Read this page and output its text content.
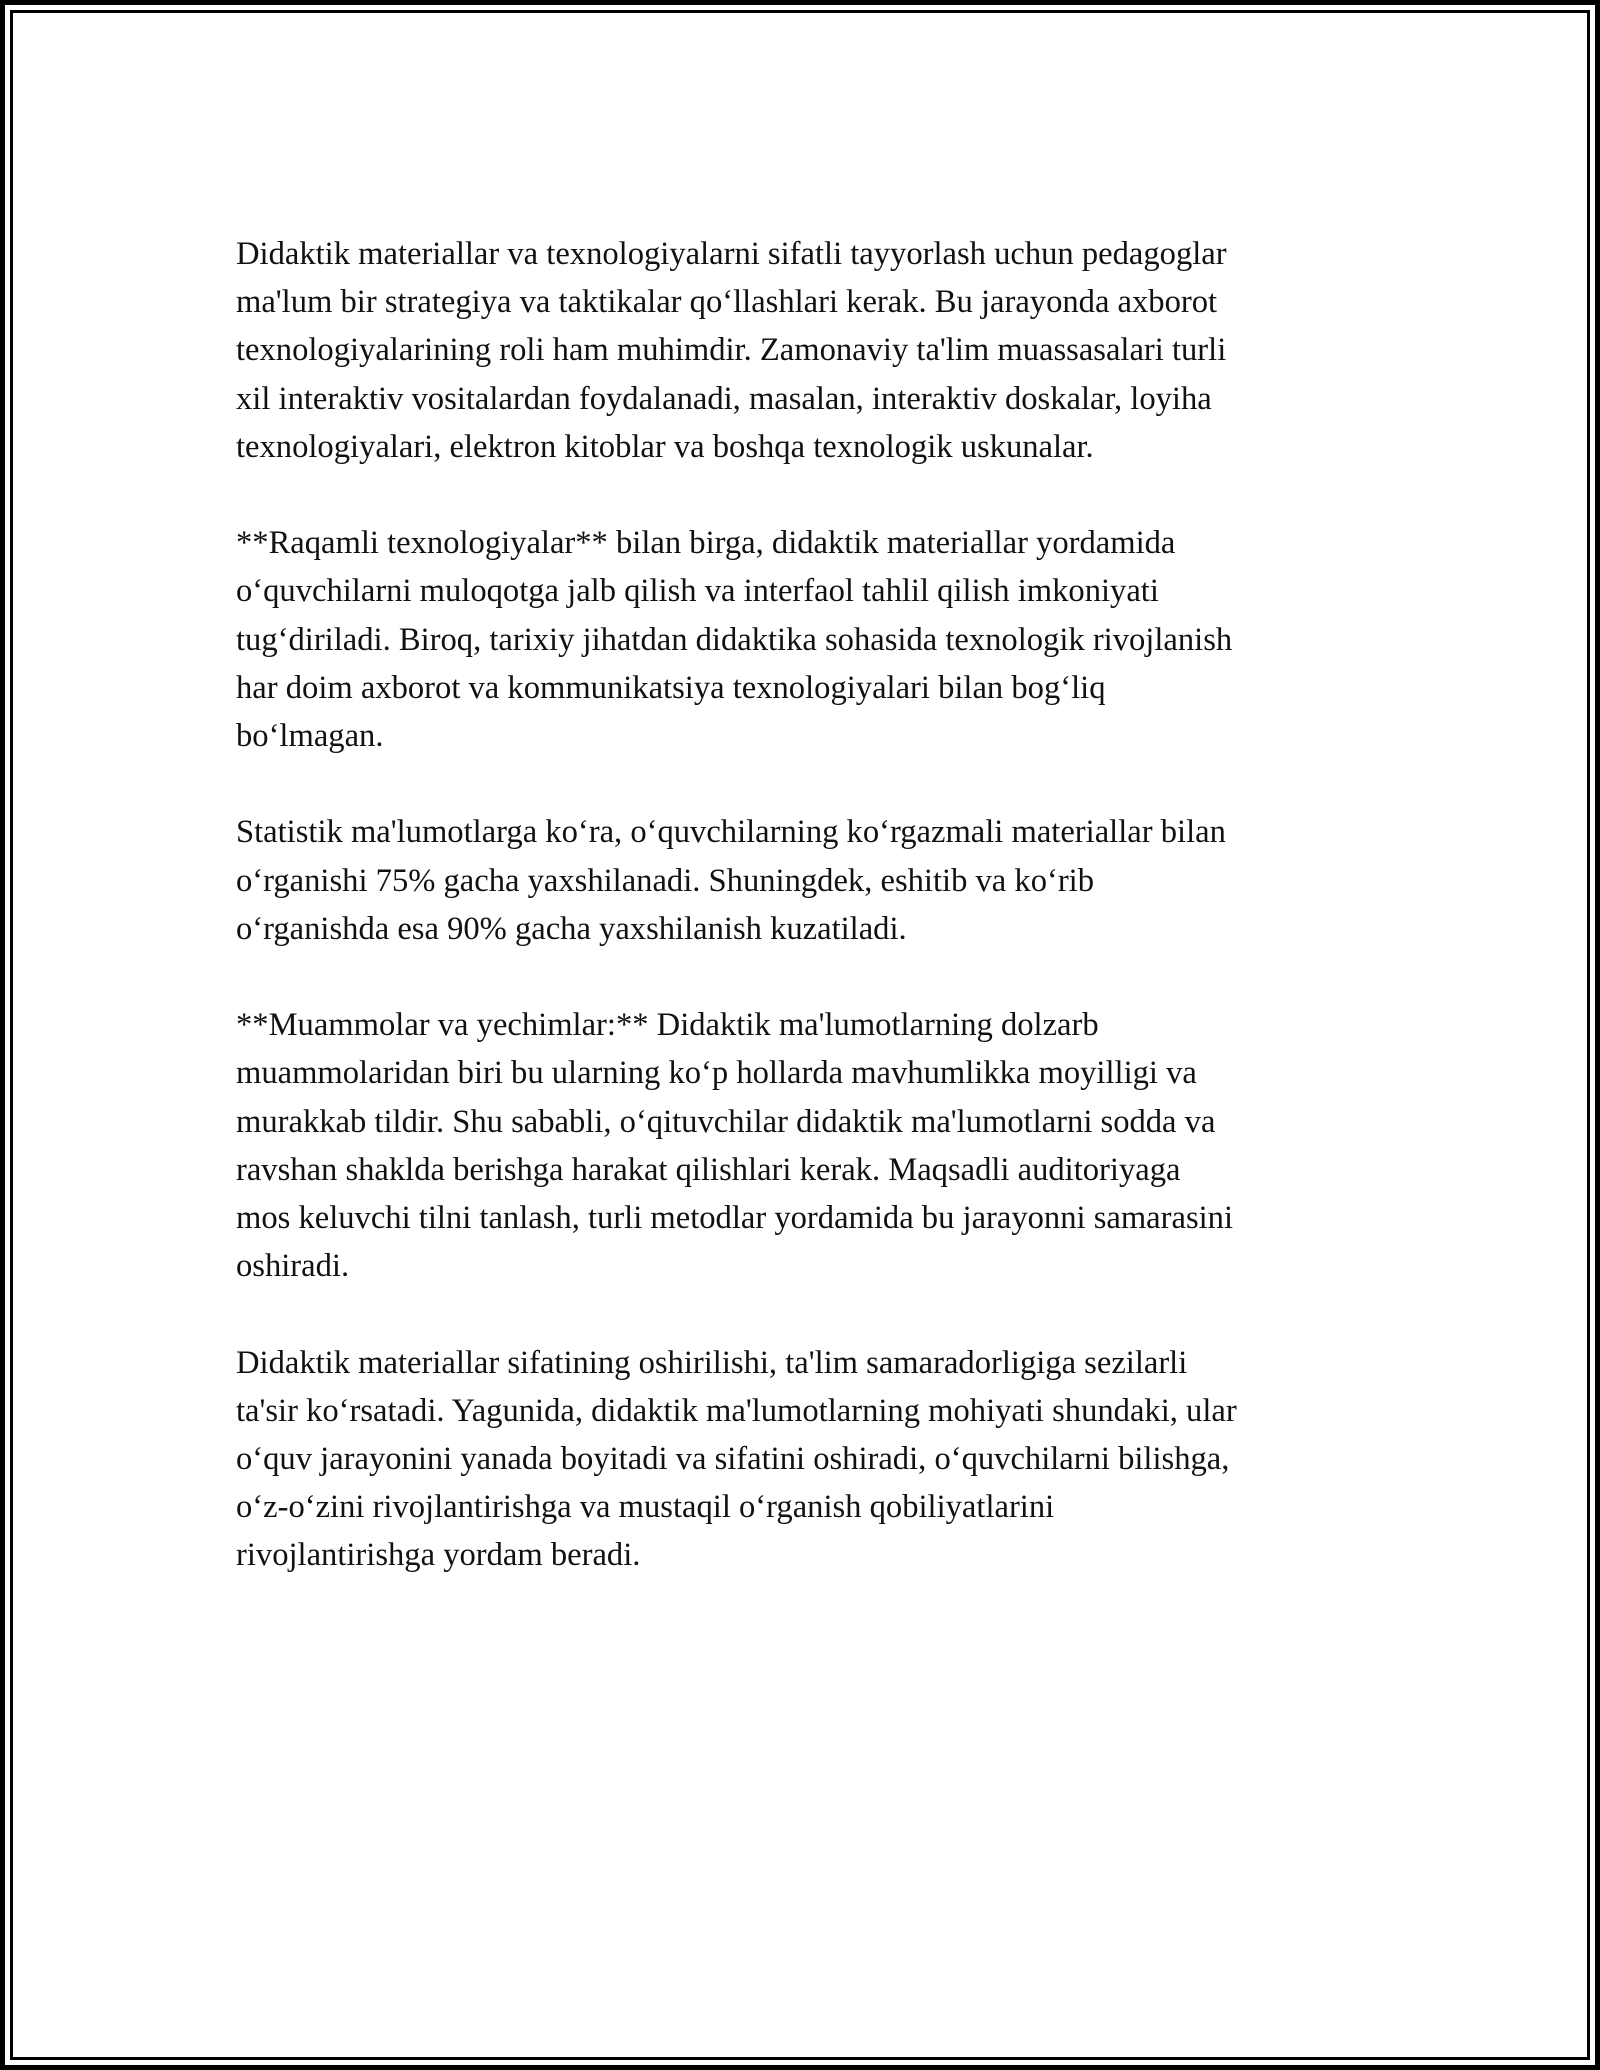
Didaktik materiallar va texnologiyalarni sifatli tayyorlash uchun pedagoglar
ma'lum bir strategiya va taktikalar qo‘llashlari kerak. Bu jarayonda axborot
texnologiyalarining roli ham muhimdir. Zamonaviy ta'lim muassasalari turli
xil interaktiv vositalardan foydalanadi, masalan, interaktiv doskalar, loyiha
texnologiyalari, elektron kitoblar va boshqa texnologik uskunalar.

**Raqamli texnologiyalar** bilan birga, didaktik materiallar yordamida
o‘quvchilarni muloqotga jalb qilish va interfaol tahlil qilish imkoniyati
tug‘diriladi. Biroq, tarixiy jihatdan didaktika sohasida texnologik rivojlanish
har doim axborot va kommunikatsiya texnologiyalari bilan bog‘liq
bo‘lmagan.

Statistik ma'lumotlarga ko‘ra, o‘quvchilarning ko‘rgazmali materiallar bilan
o‘rganishi 75% gacha yaxshilanadi. Shuningdek, eshitib va ko‘rib
o‘rganishda esa 90% gacha yaxshilanish kuzatiladi.

**Muammolar va yechimlar:** Didaktik ma'lumotlarning dolzarb
muammolaridan biri bu ularning ko‘p hollarda mavhumlikka moyilligi va
murakkab tildir. Shu sababli, o‘qituvchilar didaktik ma'lumotlarni sodda va
ravshan shaklda berishga harakat qilishlari kerak. Maqsadli auditoriyaga
mos keluvchi tilni tanlash, turli metodlar yordamida bu jarayonni samarasini
oshiradi.

Didaktik materiallar sifatining oshirilishi, ta'lim samaradorligiga sezilarli
ta'sir ko‘rsatadi. Yagunida, didaktik ma'lumotlarning mohiyati shundaki, ular
o‘quv jarayonini yanada boyitadi va sifatini oshiradi, o‘quvchilarni bilishga,
o‘z-o‘zini rivojlantirishga va mustaqil o‘rganish qobiliyatlarini
rivojlantirishga yordam beradi.
